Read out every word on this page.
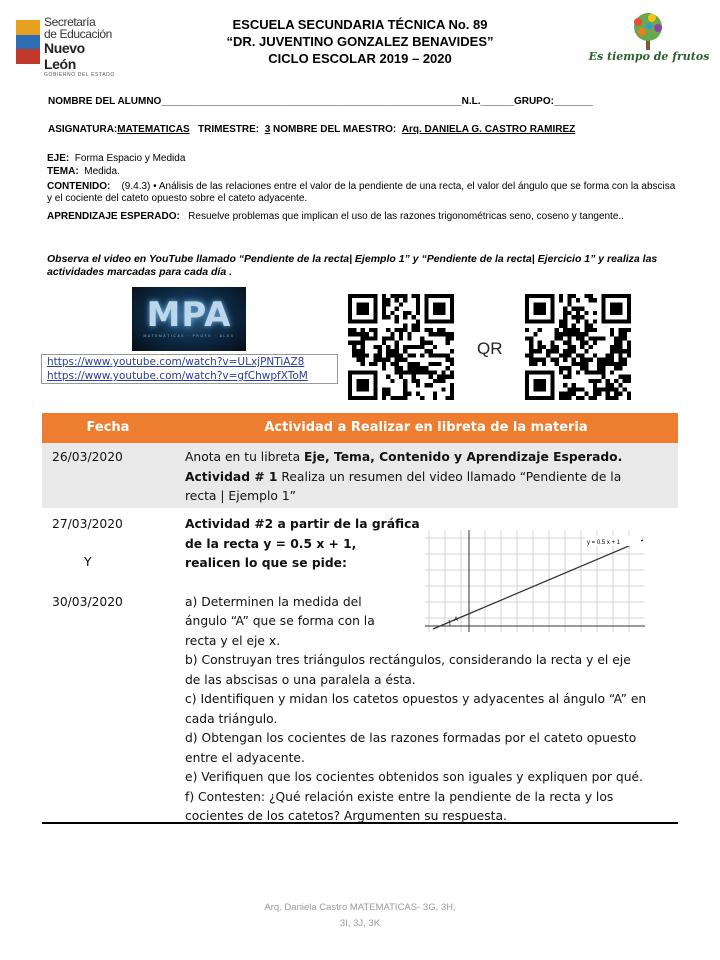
Secretaría
de Educación
Nuevo León
GOBIERNO DEL ESTADO
ESCUELA SECUNDARIA TÉCNICA No. 89
“DR. JUVENTINO GONZALEZ BENAVIDES”
CICLO ESCOLAR 2019 – 2020	Es tiempo de frutos
NOMBRE DEL ALUMNO______________________________________________________N.L.______GRUPO:_______
ASIGNATURA:MATEMATICAS TRIMESTRE: 3 NOMBRE DEL MAESTRO: Arq. DANIELA G. CASTRO RAMIREZ
EJE: Forma Espacio y Medida
TEMA: Medida.
CONTENIDO: (9.4.3) • Análisis de las relaciones entre el valor de la pendiente de una recta, el valor del ángulo que se forma con la abscisa y el cociente del cateto opuesto sobre el cateto adyacente.
APRENDIZAJE ESPERADO: Resuelve problemas que implican el uso de las razones trigonométricas seno, coseno y tangente..
Observa el video en YouTube llamado “Pendiente de la recta| Ejemplo 1” y “Pendiente de la recta| Ejercicio 1” y realiza las actividades marcadas para cada día .
MPA
MATEMÁTICAS · PROFE · ALEX
https://www.youtube.com/watch?v=ULxjPNTiAZ8
https://www.youtube.com/watch?v=gfChwpfXToM
QR
Fecha	Actividad a Realizar en libreta de la materia
26/03/2020	Anota en tu libreta Eje, Tema, Contenido y Aprendizaje Esperado.
Actividad # 1 Realiza un resumen del video llamado “Pendiente de la
recta | Ejemplo 1”
27/03/2020
Y
30/03/2020
Actividad #2 a partir de la gráfica
de la recta y = 0.5 x + 1,
realicen lo que se pide:
a) Determinen la medida del
ángulo “A” que se forma con la
recta y el eje x.
b) Construyan tres triángulos rectángulos, considerando la recta y el eje
de las abscisas o una paralela a ésta.
c) Identifiquen y midan los catetos opuestos y adyacentes al ángulo “A” en
cada triángulo.
d) Obtengan los cocientes de las razones formadas por el cateto opuesto
entre el adyacente.
e) Verifiquen que los cocientes obtenidos son iguales y expliquen por qué.
f) Contesten: ¿Qué relación existe entre la pendiente de la recta y los
cocientes de los catetos? Argumenten su respuesta.
A
y = 0.5 x + 1
Arq. Daniela Castro MATEMATICAS- 3G, 3H,
3I, 3J, 3K
